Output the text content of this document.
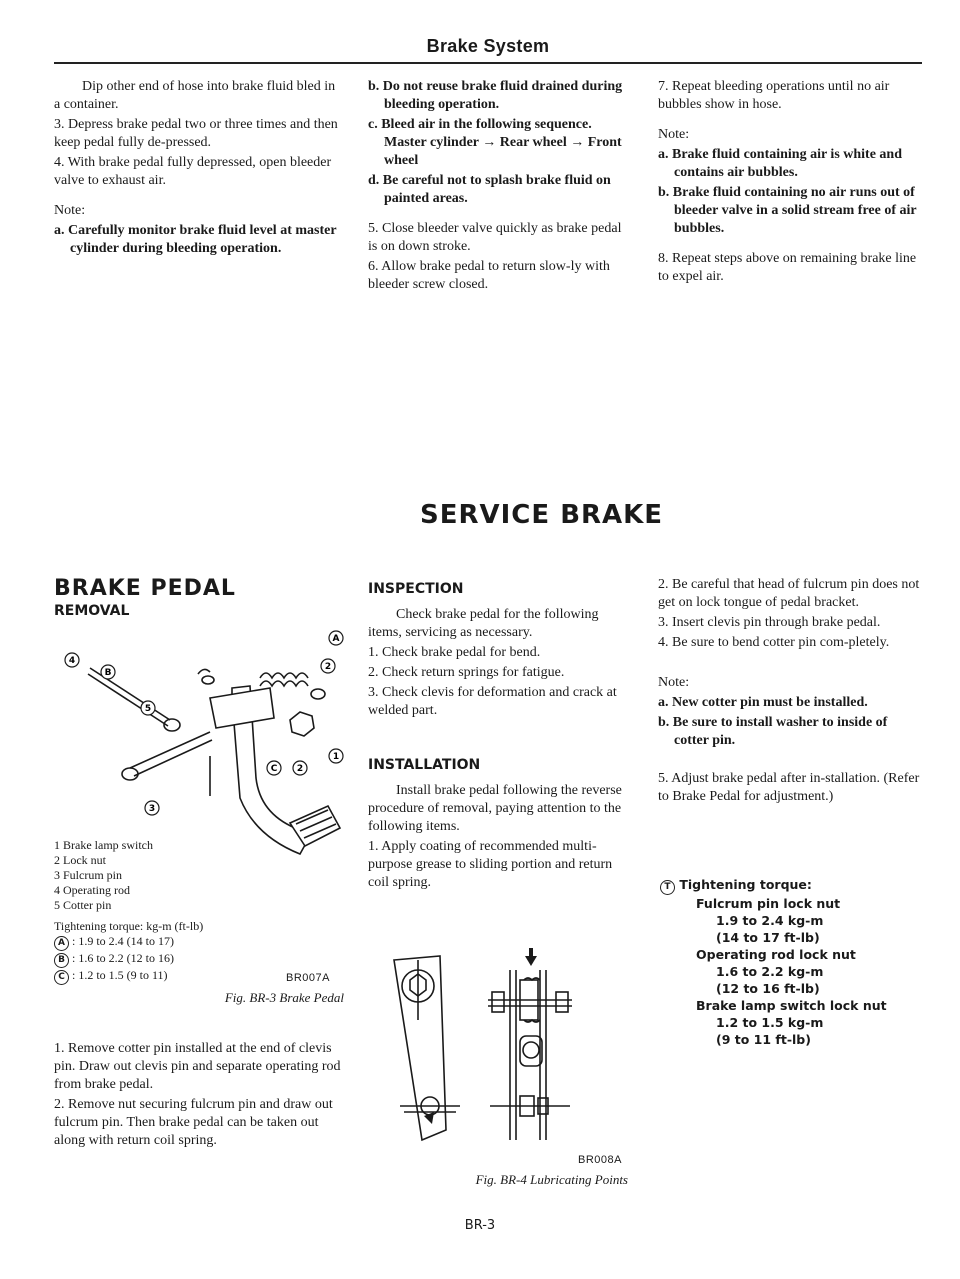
Brake System

Dip other end of hose into brake fluid bled in a container.

3. Depress brake pedal two or three times and then keep pedal fully de-pressed.

4. With brake pedal fully depressed, open bleeder valve to exhaust air.

Note:

a. Carefully monitor brake fluid level at master cylinder during bleeding operation.

b. Do not reuse brake fluid drained during bleeding operation.

c. Bleed air in the following sequence. Master cylinder → Rear wheel → Front wheel

d. Be careful not to splash brake fluid on painted areas.

5. Close bleeder valve quickly as brake pedal is on down stroke.

6. Allow brake pedal to return slow-ly with bleeder screw closed.

7. Repeat bleeding operations until no air bubbles show in hose.

Note:

a. Brake fluid containing air is white and contains air bubbles.

b. Brake fluid containing no air runs out of bleeder valve in a solid stream free of air bubbles.

8. Repeat steps above on remaining brake line to expel air.

SERVICE BRAKE
BRAKE PEDAL
REMOVAL
4
B
5
A
2
1
C 2
3
1 Brake lamp switch
2 Lock nut
3 Fulcrum pin
4 Operating rod
5 Cotter pin
Tightening torque: kg-m (ft-lb)
A : 1.9 to 2.4 (14 to 17)
B : 1.6 to 2.2 (12 to 16)
C : 1.2 to 1.5 (9 to 11)	BR007A
Fig. BR-3 Brake Pedal

1. Remove cotter pin installed at the end of clevis pin. Draw out clevis pin and separate operating rod from brake pedal.

2. Remove nut securing fulcrum pin and draw out fulcrum pin. Then brake pedal can be taken out along with return coil spring.

INSPECTION

Check brake pedal for the following items, servicing as necessary.

1. Check brake pedal for bend.

2. Check return springs for fatigue.

3. Check clevis for deformation and crack at welded part.

INSTALLATION

Install brake pedal following the reverse procedure of removal, paying attention to the following items.

1. Apply coating of recommended multi-purpose grease to sliding portion and return coil spring.

BR008A
Fig. BR-4 Lubricating Points

2. Be careful that head of fulcrum pin does not get on lock tongue of pedal bracket.

3. Insert clevis pin through brake pedal.

4. Be sure to bend cotter pin com-pletely.

Note:

a. New cotter pin must be installed.

b. Be sure to install washer to inside of cotter pin.

5. Adjust brake pedal after in-stallation. (Refer to Brake Pedal for adjustment.)

T Tightening torque:
Fulcrum pin lock nut
1.9 to 2.4 kg-m
(14 to 17 ft-lb)
Operating rod lock nut
1.6 to 2.2 kg-m
(12 to 16 ft-lb)
Brake lamp switch lock nut
1.2 to 1.5 kg-m
(9 to 11 ft-lb)
BR-3
